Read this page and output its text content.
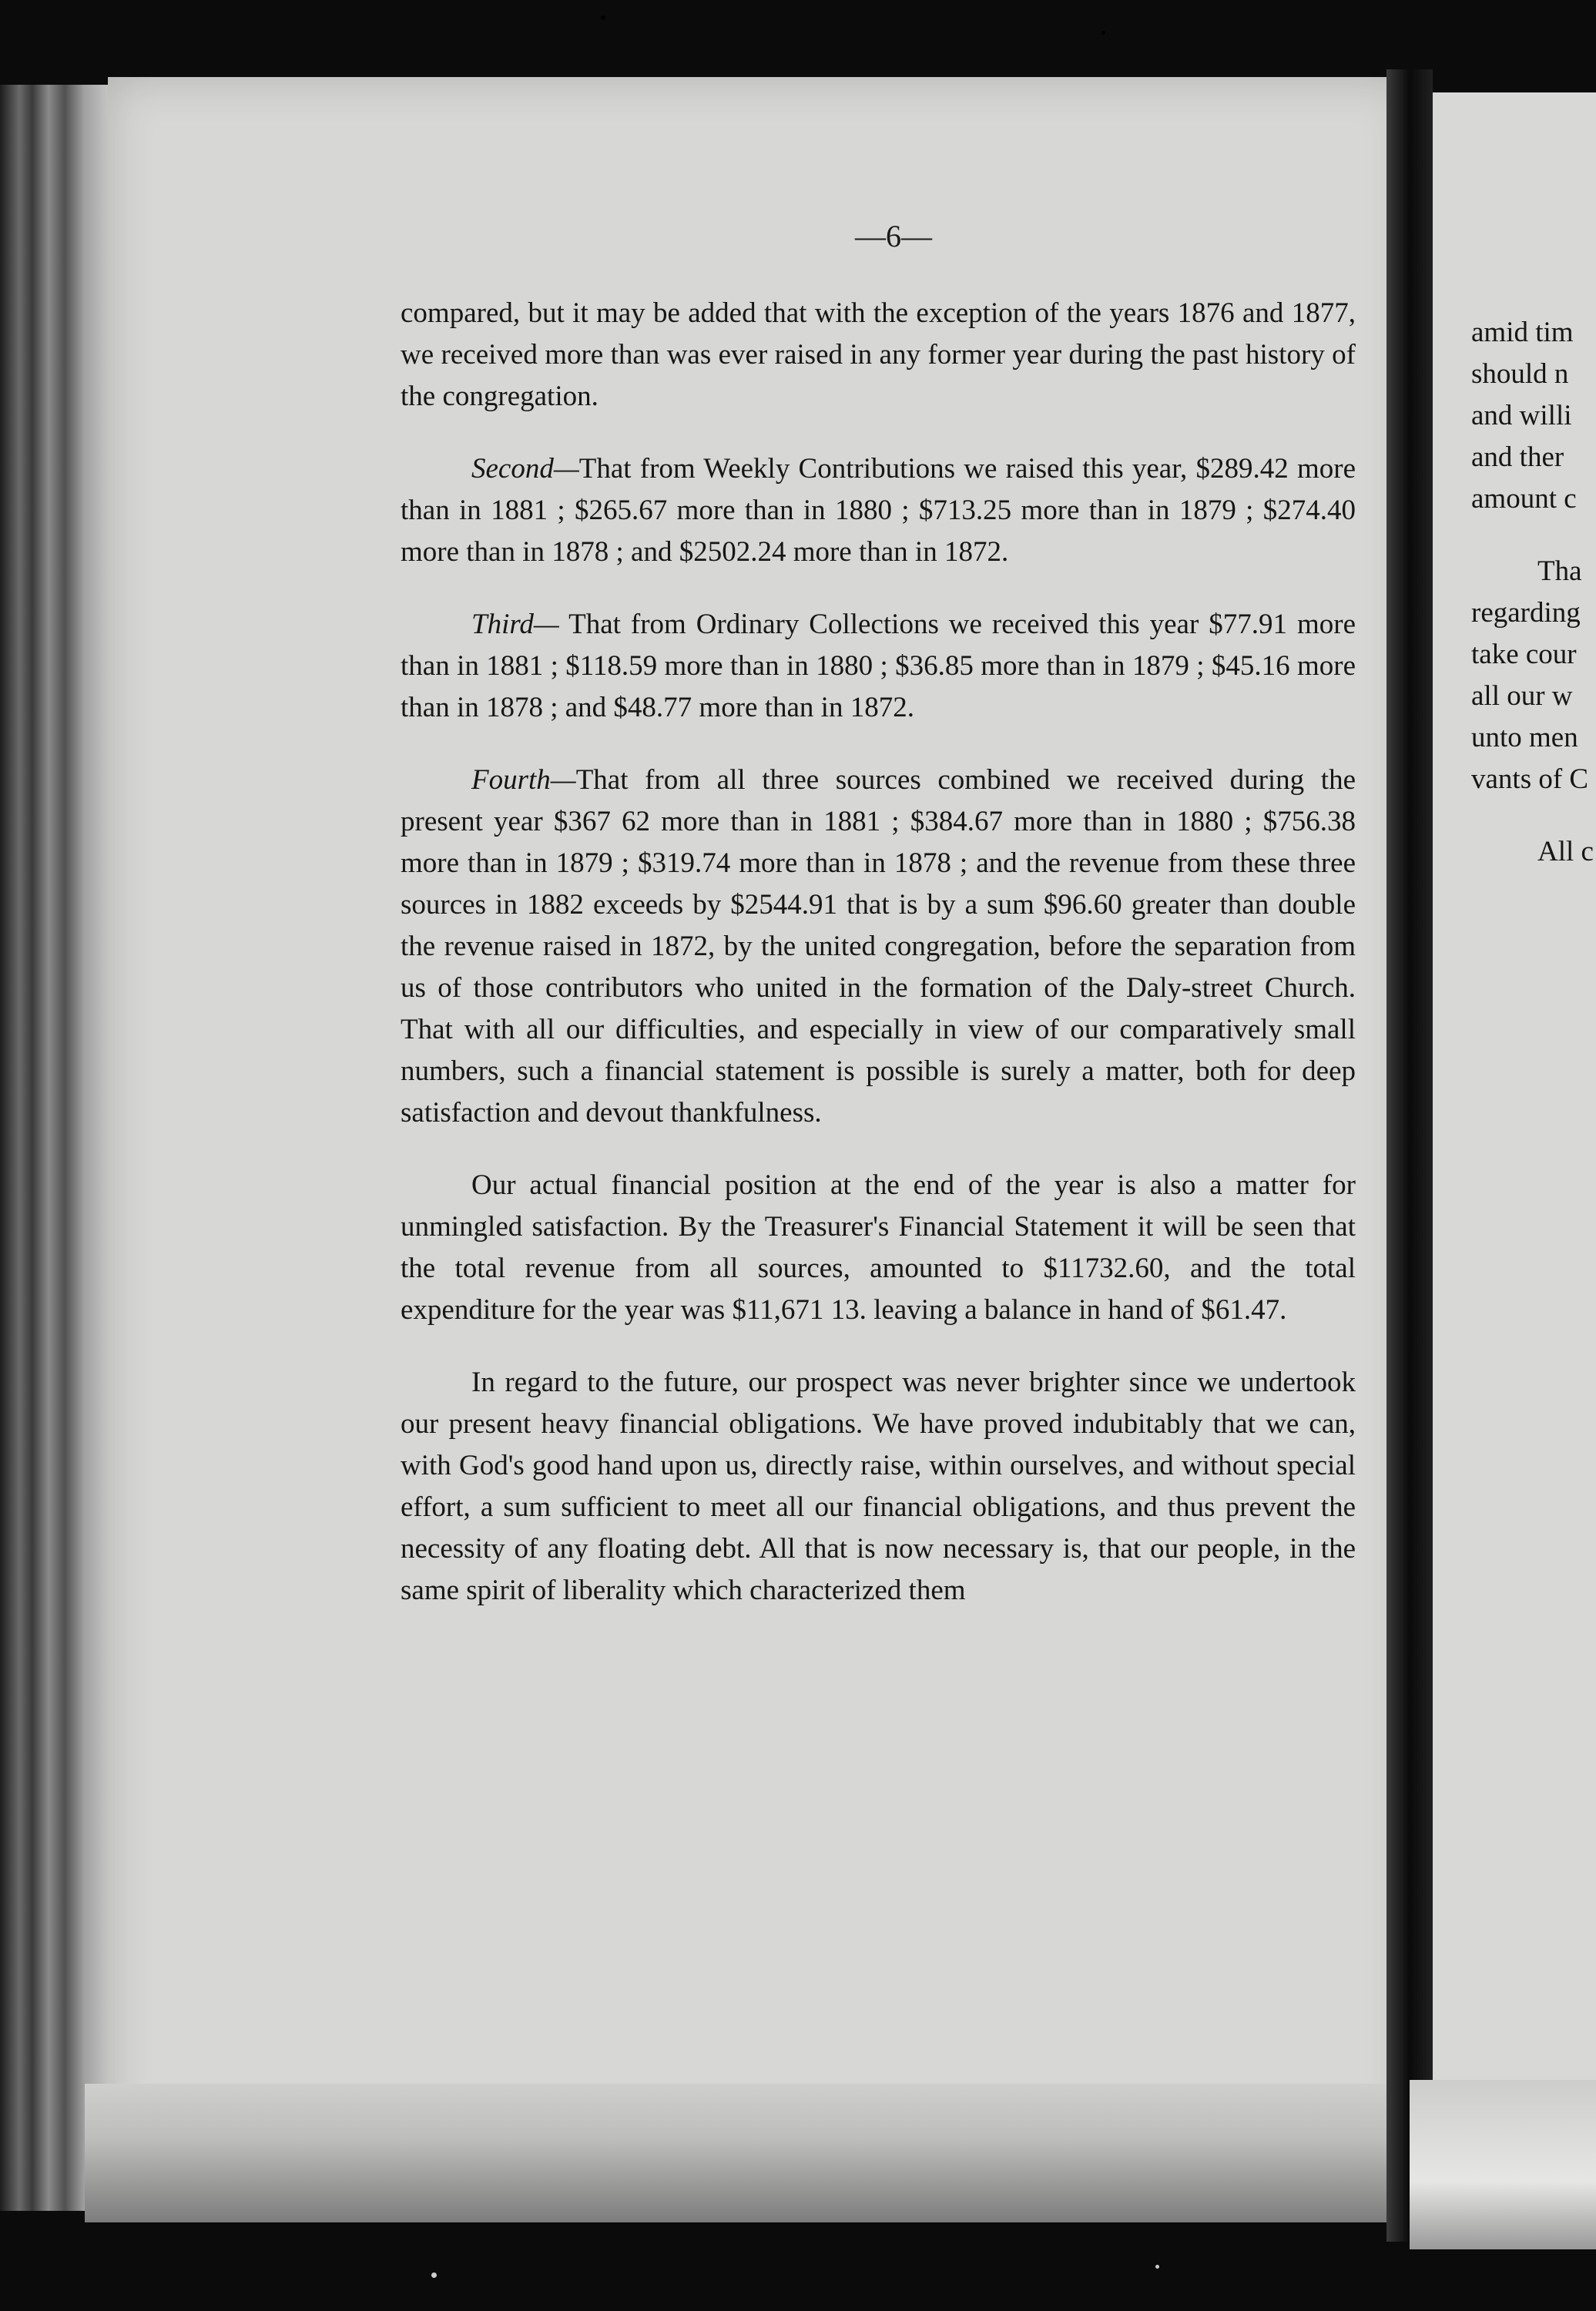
—6—

compared, but it may be added that with the exception of the years 1876 and 1877, we received more than was ever raised in any former year during the past history of the congregation.

Second—That from Weekly Contributions we raised this year, $289.42 more than in 1881 ; $265.67 more than in 1880 ; $713.25 more than in 1879 ; $274.40 more than in 1878 ; and $2502.24 more than in 1872.

Third— That from Ordinary Collections we received this year $77.91 more than in 1881 ; $118.59 more than in 1880 ; $36.85 more than in 1879 ; $45.16 more than in 1878 ; and $48.77 more than in 1872.

Fourth—That from all three sources combined we received during the present year $367 62 more than in 1881 ; $384.67 more than in 1880 ; $756.38 more than in 1879 ; $319.74 more than in 1878 ; and the revenue from these three sources in 1882 exceeds by $2544.91 that is by a sum $96.60 greater than double the revenue raised in 1872, by the united congregation, before the separation from us of those contributors who united in the formation of the Daly-street Church. That with all our difficulties, and especially in view of our comparatively small numbers, such a financial statement is possible is surely a matter, both for deep satisfaction and devout thankfulness.

Our actual financial position at the end of the year is also a matter for unmingled satisfaction. By the Treasurer's Financial Statement it will be seen that the total revenue from all sources, amounted to $11732.60, and the total expenditure for the year was $11,671 13. leaving a balance in hand of $61.47.

In regard to the future, our prospect was never brighter since we undertook our present heavy financial obligations. We have proved indubitably that we can, with God's good hand upon us, directly raise, within ourselves, and without special effort, a sum sufficient to meet all our financial obligations, and thus prevent the necessity of any floating debt. All that is now necessary is, that our people, in the same spirit of liberality which characterized them

amid tim
should n
and willi
and ther
amount c
Tha
regarding
take cour
all our w
unto men
vants of C
All c
